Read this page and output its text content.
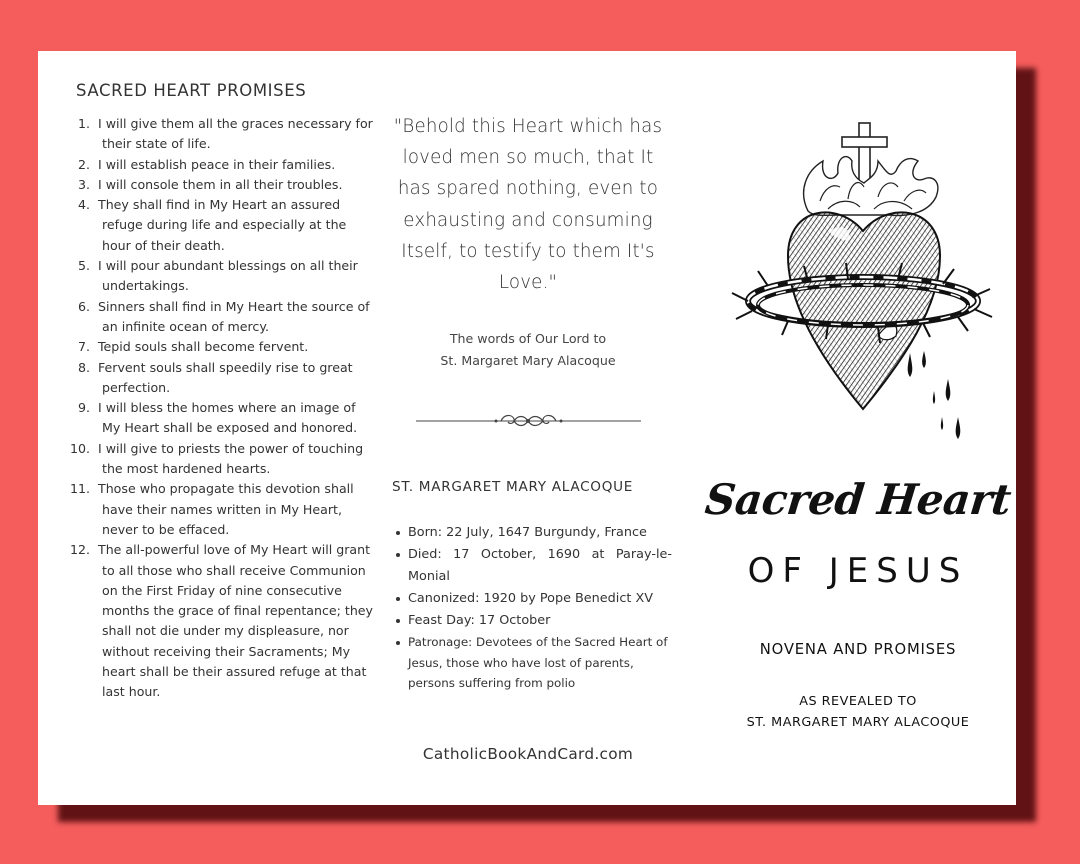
SACRED HEART PROMISES
1. I will give them all the graces necessary for their state of life.
2. I will establish peace in their families.
3. I will console them in all their troubles.
4. They shall find in My Heart an assured refuge during life and especially at the hour of their death.
5. I will pour abundant blessings on all their undertakings.
6. Sinners shall find in My Heart the source of an infinite ocean of mercy.
7. Tepid souls shall become fervent.
8. Fervent souls shall speedily rise to great perfection.
9. I will bless the homes where an image of My Heart shall be exposed and honored.
10. I will give to priests the power of touching the most hardened hearts.
11. Those who propagate this devotion shall have their names written in My Heart, never to be effaced.
12. The all-powerful love of My Heart will grant to all those who shall receive Communion on the First Friday of nine consecutive months the grace of final repentance; they shall not die under my displeasure, nor without receiving their Sacraments; My heart shall be their assured refuge at that last hour.

"Behold this Heart which has loved men so much, that It has spared nothing, even to exhausting and consuming Itself, to testify to them It's Love."

The words of Our Lord to
St. Margaret Mary Alacoque
ST. MARGARET MARY ALACOQUE
Born: 22 July, 1647 Burgundy, France
Died: 17 October, 1690 at Paray-le-Monial
Canonized: 1920 by Pope Benedict XV
Feast Day: 17 October
Patronage: Devotees of the Sacred Heart of Jesus, those who have lost of parents, persons suffering from polio
CatholicBookAndCard.com
Sacred Heart
OF JESUS
NOVENA AND PROMISES
AS REVEALED TO
ST. MARGARET MARY ALACOQUE
